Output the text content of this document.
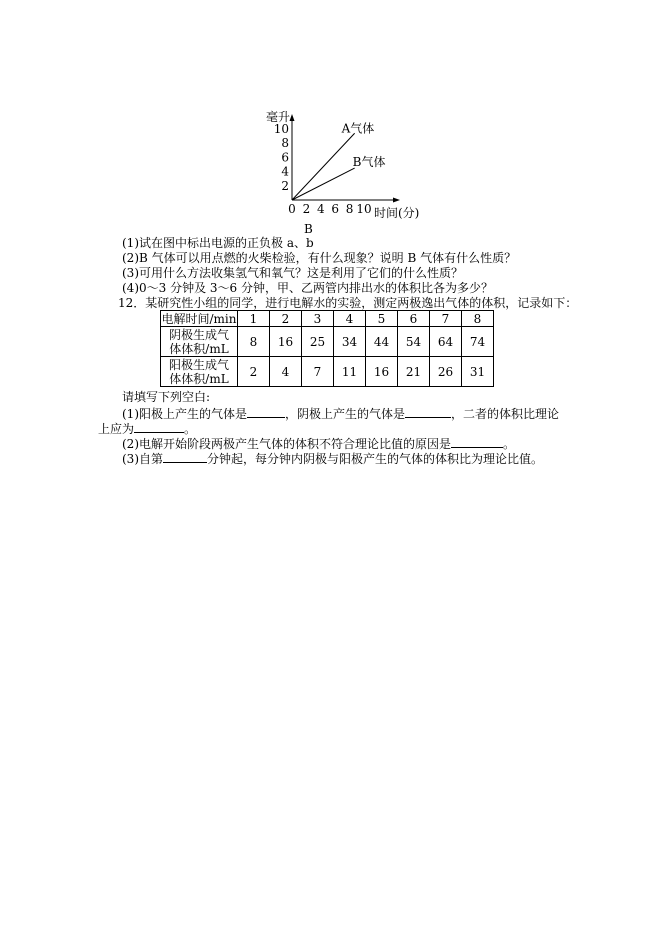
毫升
时间(分)
0 2 4 6 8 10
2
4
6
8
10	A气体
B气体
B
(1)试在图中标出电源的正负极 a、b
(2)B 气体可以用点燃的火柴检验，有什么现象？说明 B 气体有什么性质？
(3)可用什么方法收集氢气和氧气？这是利用了它们的什么性质？
(4)0～3 分钟及 3～6 分钟，甲、乙两管内排出水的体积比各为多少？
12．某研究性小组的同学，进行电解水的实验，测定两极逸出气体的体积，记录如下：
电解时间/min	1	2	3	4	5	6	7	8

阴极生成气
体体积/mL	8	16	25	34	44	54	64	74

阳极生成气
体体积/mL	2	4	7	11	16	21	26	31
请填写下列空白:
(1)阳极上产生的气体是	，阴极上产生的气体是	，二者的体积比理论
上应为	。
(2)电解开始阶段两极产生气体的体积不符合理论比值的原因是	。
(3)自第	分钟起，每分钟内阴极与阳极产生的气体的体积比为理论比值。
